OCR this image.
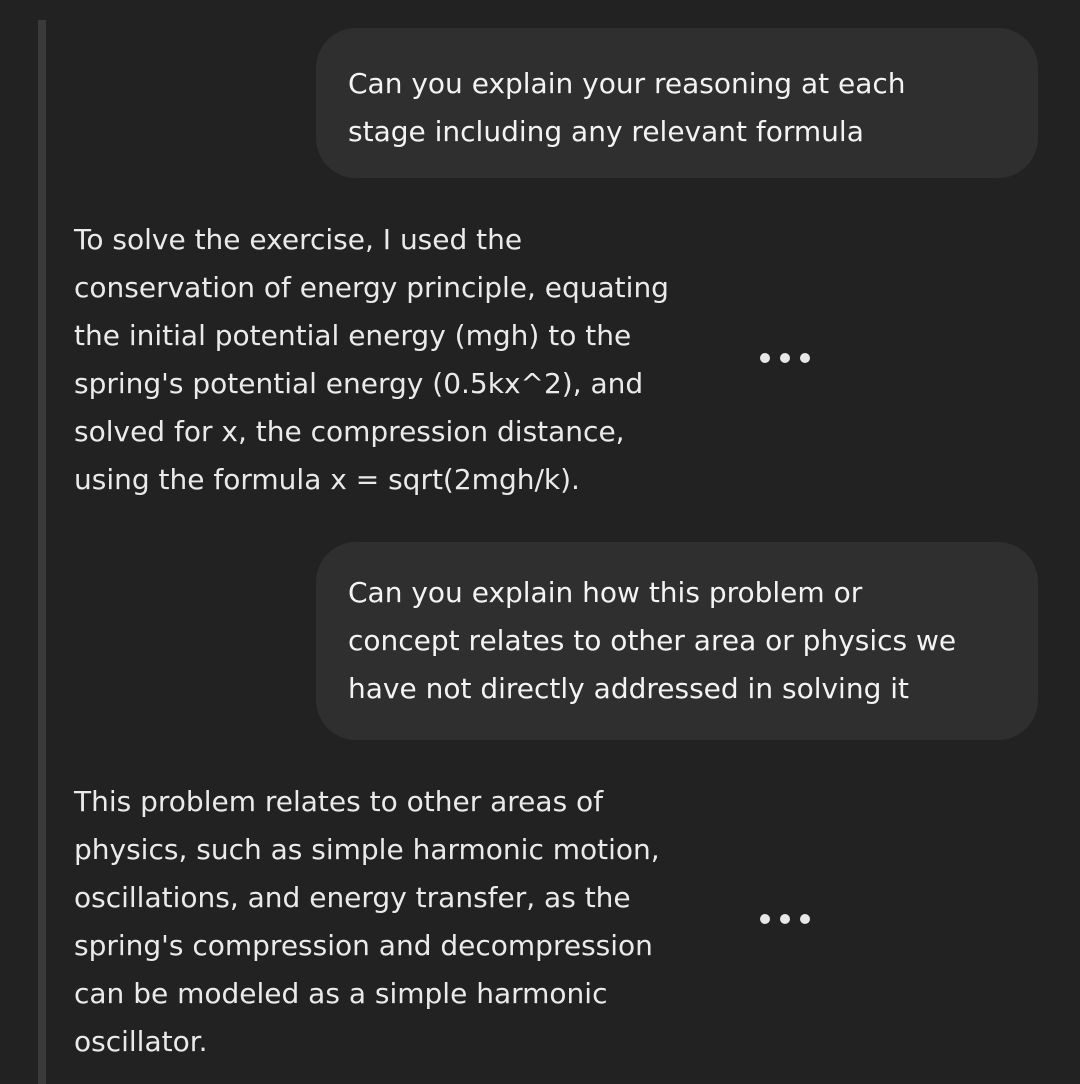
Can you explain your reasoning at each
stage including any relevant formula
To solve the exercise, I used the
conservation of energy principle, equating
the initial potential energy (mgh) to the
spring's potential energy (0.5kx^2), and
solved for x, the compression distance,
using the formula x = sqrt(2mgh/k).
Can you explain how this problem or
concept relates to other area or physics we
have not directly addressed in solving it
This problem relates to other areas of
physics, such as simple harmonic motion,
oscillations, and energy transfer, as the
spring's compression and decompression
can be modeled as a simple harmonic
oscillator.
